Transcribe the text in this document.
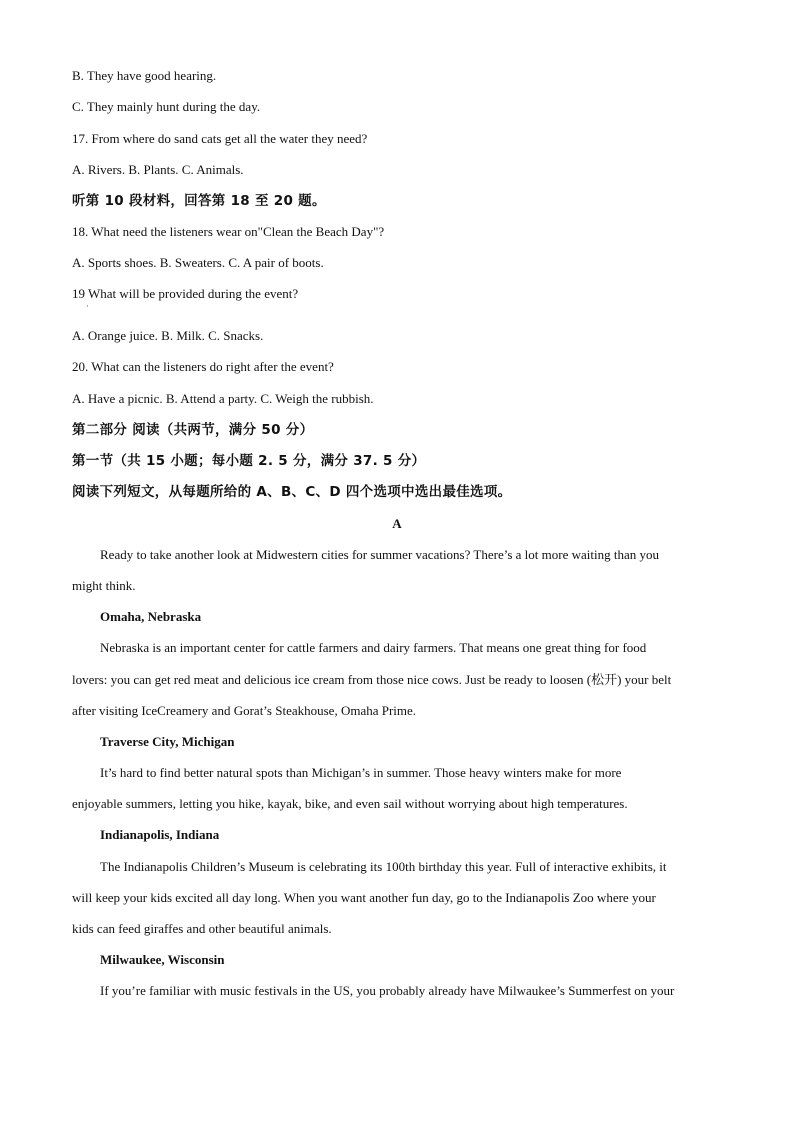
B. They have good hearing.
C. They mainly hunt during the day.
17. From where do sand cats get all the water they need?
A. Rivers. B. Plants. C. Animals.
听第 10 段材料，回答第 18 至 20 题。
18. What need the listeners wear on"Clean the Beach Day"?
A. Sports shoes. B. Sweaters. C. A pair of boots.
19 What will be provided during the event?
·
A. Orange juice. B. Milk. C. Snacks.
20. What can the listeners do right after the event?
A. Have a picnic. B. Attend a party. C. Weigh the rubbish.
第二部分 阅读（共两节，满分 50 分）
第一节（共 15 小题；每小题 2. 5 分，满分 37. 5 分）
阅读下列短文，从每题所给的 A、B、C、D 四个选项中选出最佳选项。
A
Ready to take another look at Midwestern cities for summer vacations? There’s a lot more waiting than you
might think.
Omaha, Nebraska
Nebraska is an important center for cattle farmers and dairy farmers. That means one great thing for food
lovers: you can get red meat and delicious ice cream from those nice cows. Just be ready to loosen (松开) your belt
after visiting IceCreamery and Gorat’s Steakhouse, Omaha Prime.
Traverse City, Michigan
It’s hard to find better natural spots than Michigan’s in summer. Those heavy winters make for more
enjoyable summers, letting you hike, kayak, bike, and even sail without worrying about high temperatures.
Indianapolis, Indiana
The Indianapolis Children’s Museum is celebrating its 100th birthday this year. Full of interactive exhibits, it
will keep your kids excited all day long. When you want another fun day, go to the Indianapolis Zoo where your
kids can feed giraffes and other beautiful animals.
Milwaukee, Wisconsin
If you’re familiar with music festivals in the US, you probably already have Milwaukee’s Summerfest on your
